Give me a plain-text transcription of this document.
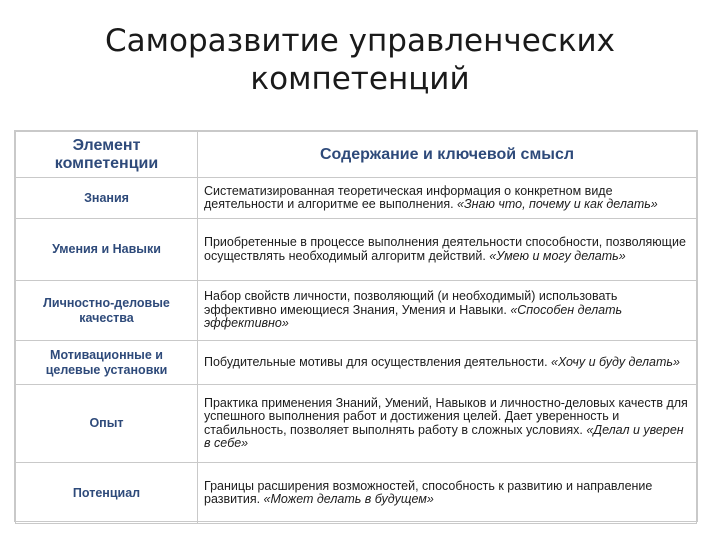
Саморазвитие управленческих
компетенций
Элемент компетенции	Содержание и ключевой смысл
Знания	Систематизированная теоретическая информация о конкретном виде деятельности и алгоритме ее выполнения. «Знаю что, почему и как делать»
Умения и Навыки	Приобретенные в процессе выполнения деятельности способности, позволяющие осуществлять необходимый алгоритм действий. «Умею и могу делать»
Личностно-деловые качества	Набор свойств личности, позволяющий (и необходимый) использовать эффективно имеющиеся Знания, Умения и Навыки. «Способен делать эффективно»
Мотивационные и целевые установки	Побудительные мотивы для осуществления деятельности. «Хочу и буду делать»
Опыт	Практика применения Знаний, Умений, Навыков и личностно-деловых качеств для успешного выполнения работ и достижения целей. Дает уверенность и стабильность, позволяет выполнять работу в сложных условиях. «Делал и уверен в себе»
Потенциал	Границы расширения возможностей, способность к развитию и направление развития. «Может делать в будущем»
